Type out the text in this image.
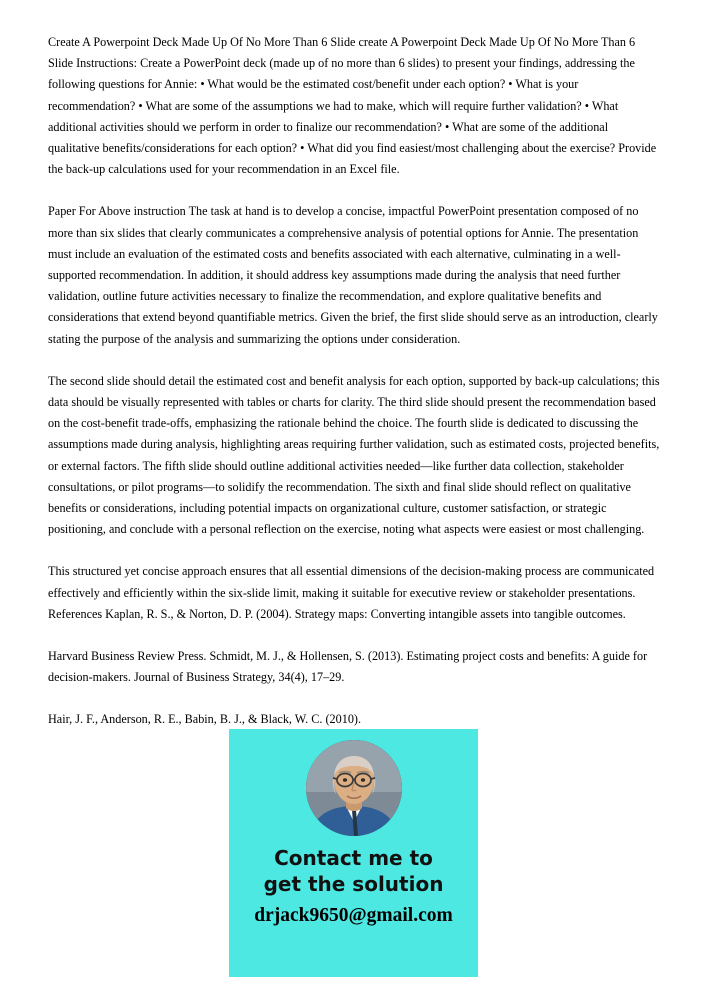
Create A Powerpoint Deck Made Up Of No More Than 6 Slide create A Powerpoint Deck Made Up Of No More Than 6 Slide Instructions: Create a PowerPoint deck (made up of no more than 6 slides) to present your findings, addressing the following questions for Annie: • What would be the estimated cost/benefit under each option? • What is your recommendation? • What are some of the assumptions we had to make, which will require further validation? • What additional activities should we perform in order to finalize our recommendation? • What are some of the additional qualitative benefits/considerations for each option? • What did you find easiest/most challenging about the exercise? Provide the back-up calculations used for your recommendation in an Excel file.

Paper For Above instruction The task at hand is to develop a concise, impactful PowerPoint presentation composed of no more than six slides that clearly communicates a comprehensive analysis of potential options for Annie. The presentation must include an evaluation of the estimated costs and benefits associated with each alternative, culminating in a well-supported recommendation. In addition, it should address key assumptions made during the analysis that need further validation, outline future activities necessary to finalize the recommendation, and explore qualitative benefits and considerations that extend beyond quantifiable metrics. Given the brief, the first slide should serve as an introduction, clearly stating the purpose of the analysis and summarizing the options under consideration.

The second slide should detail the estimated cost and benefit analysis for each option, supported by back-up calculations; this data should be visually represented with tables or charts for clarity. The third slide should present the recommendation based on the cost-benefit trade-offs, emphasizing the rationale behind the choice. The fourth slide is dedicated to discussing the assumptions made during analysis, highlighting areas requiring further validation, such as estimated costs, projected benefits, or external factors. The fifth slide should outline additional activities needed—like further data collection, stakeholder consultations, or pilot programs—to solidify the recommendation. The sixth and final slide should reflect on qualitative benefits or considerations, including potential impacts on organizational culture, customer satisfaction, or strategic positioning, and conclude with a personal reflection on the exercise, noting what aspects were easiest or most challenging.

This structured yet concise approach ensures that all essential dimensions of the decision-making process are communicated effectively and efficiently within the six-slide limit, making it suitable for executive review or stakeholder presentations. References Kaplan, R. S., & Norton, D. P. (2004). Strategy maps: Converting intangible assets into tangible outcomes.

Harvard Business Review Press. Schmidt, M. J., & Hollensen, S. (2013). Estimating project costs and benefits: A guide for decision-makers. Journal of Business Strategy, 34(4), 17–29.

Hair, J. F., Anderson, R. E., Babin, B. J., & Black, W. C. (2010).

Contact me to
get the solution
drjack9650@gmail.com
